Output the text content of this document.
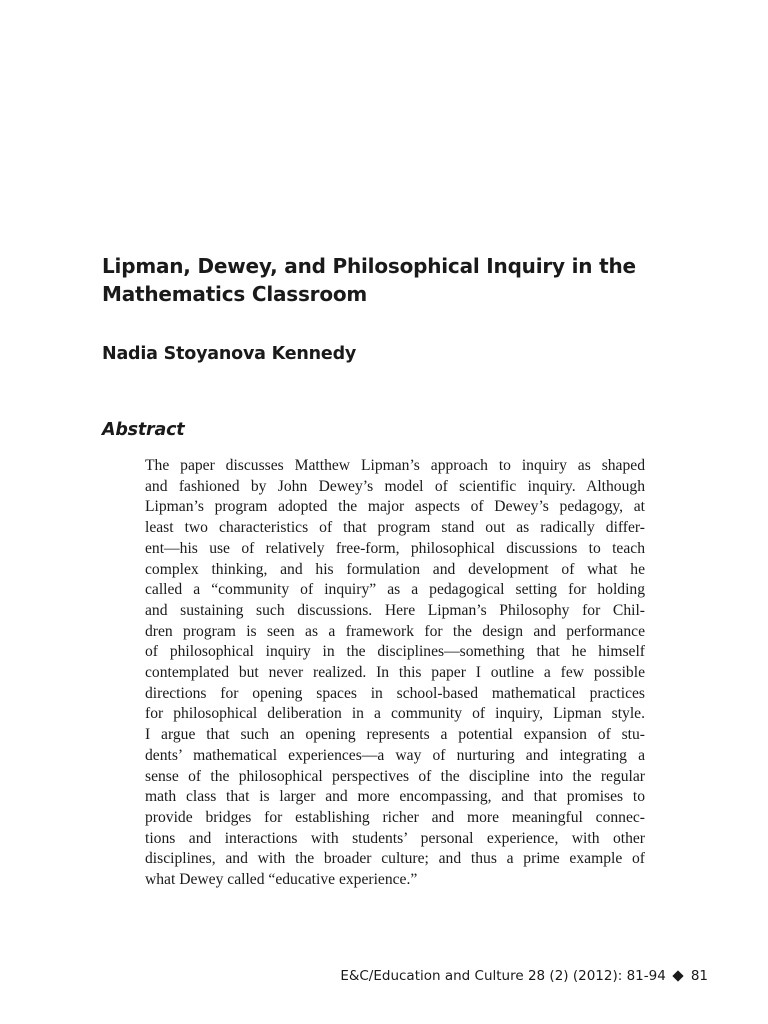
Lipman, Dewey, and Philosophical Inquiry in the
Mathematics Classroom
Nadia Stoyanova Kennedy
Abstract
The paper discusses Matthew Lipman’s approach to inquiry as shaped
and fashioned by John Dewey’s model of scientific inquiry. Although
Lipman’s program adopted the major aspects of Dewey’s pedagogy, at
least two characteristics of that program stand out as radically differ-
ent—his use of relatively free-form, philosophical discussions to teach
complex thinking, and his formulation and development of what he
called a “community of inquiry” as a pedagogical setting for holding
and sustaining such discussions. Here Lipman’s Philosophy for Chil-
dren program is seen as a framework for the design and performance
of philosophical inquiry in the disciplines—something that he himself
contemplated but never realized. In this paper I outline a few possible
directions for opening spaces in school-based mathematical practices
for philosophical deliberation in a community of inquiry, Lipman style.
I argue that such an opening represents a potential expansion of stu-
dents’ mathematical experiences—a way of nurturing and integrating a
sense of the philosophical perspectives of the discipline into the regular
math class that is larger and more encompassing, and that promises to
provide bridges for establishing richer and more meaningful connec-
tions and interactions with students’ personal experience, with other
disciplines, and with the broader culture; and thus a prime example of
what Dewey called “educative experience.”
E&C/Education and Culture 28 (2) (2012): 81-94 81
